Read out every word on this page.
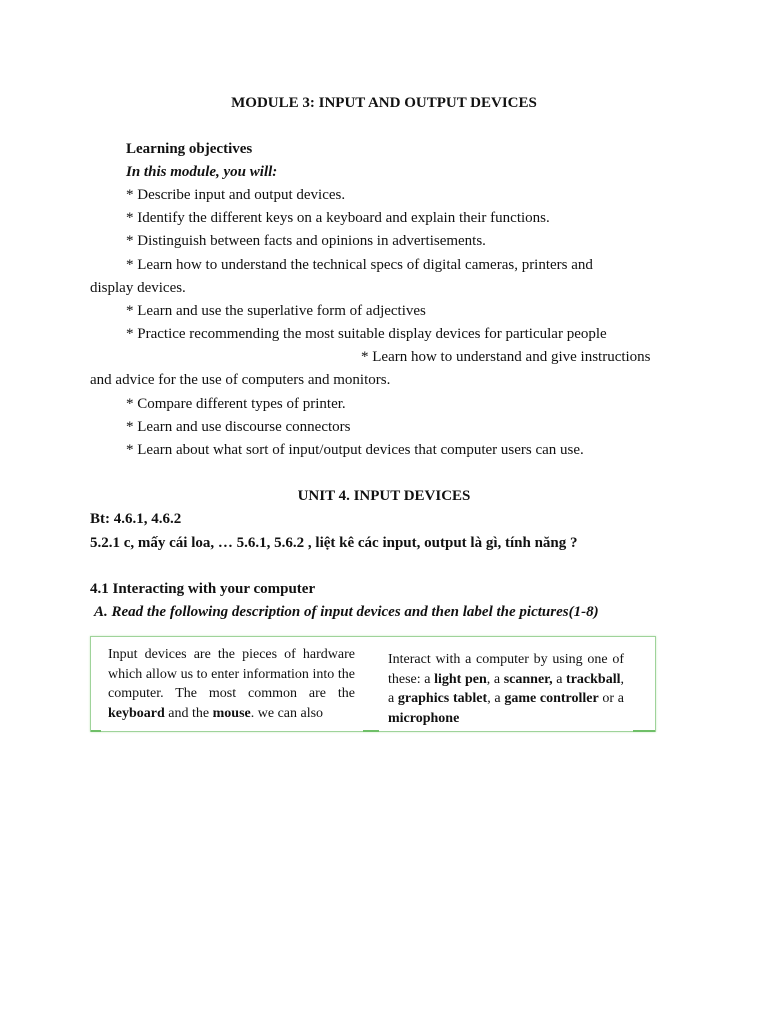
MODULE 3: INPUT AND OUTPUT DEVICES
Learning objectives
In this module, you will:
* Describe input and output devices.
* Identify the different keys on a keyboard and explain their functions.
* Distinguish between facts and opinions in advertisements.
* Learn how to understand the technical specs of digital cameras, printers and
display devices.
* Learn and use the superlative form of adjectives
* Practice recommending the most suitable display devices for particular people
* Learn how to understand and give instructions
and advice for the use of computers and monitors.
* Compare different types of printer.
* Learn and use discourse connectors
* Learn about what sort of input/output devices that computer users can use.
UNIT 4. INPUT DEVICES
Bt: 4.6.1, 4.6.2
5.2.1 c, mấy cái loa, … 5.6.1, 5.6.2 , liệt kê các input, output là gì, tính năng ?
4.1 Interacting with your computer
A. Read the following description of input devices and then label the pictures(1-8)
Input devices are the pieces of hardware which allow us to enter information into the computer. The most common are the keyboard and the mouse. we can also
Interact with a computer by using one of these: a light pen, a scanner, a trackball, a graphics tablet, a game controller or a microphone
